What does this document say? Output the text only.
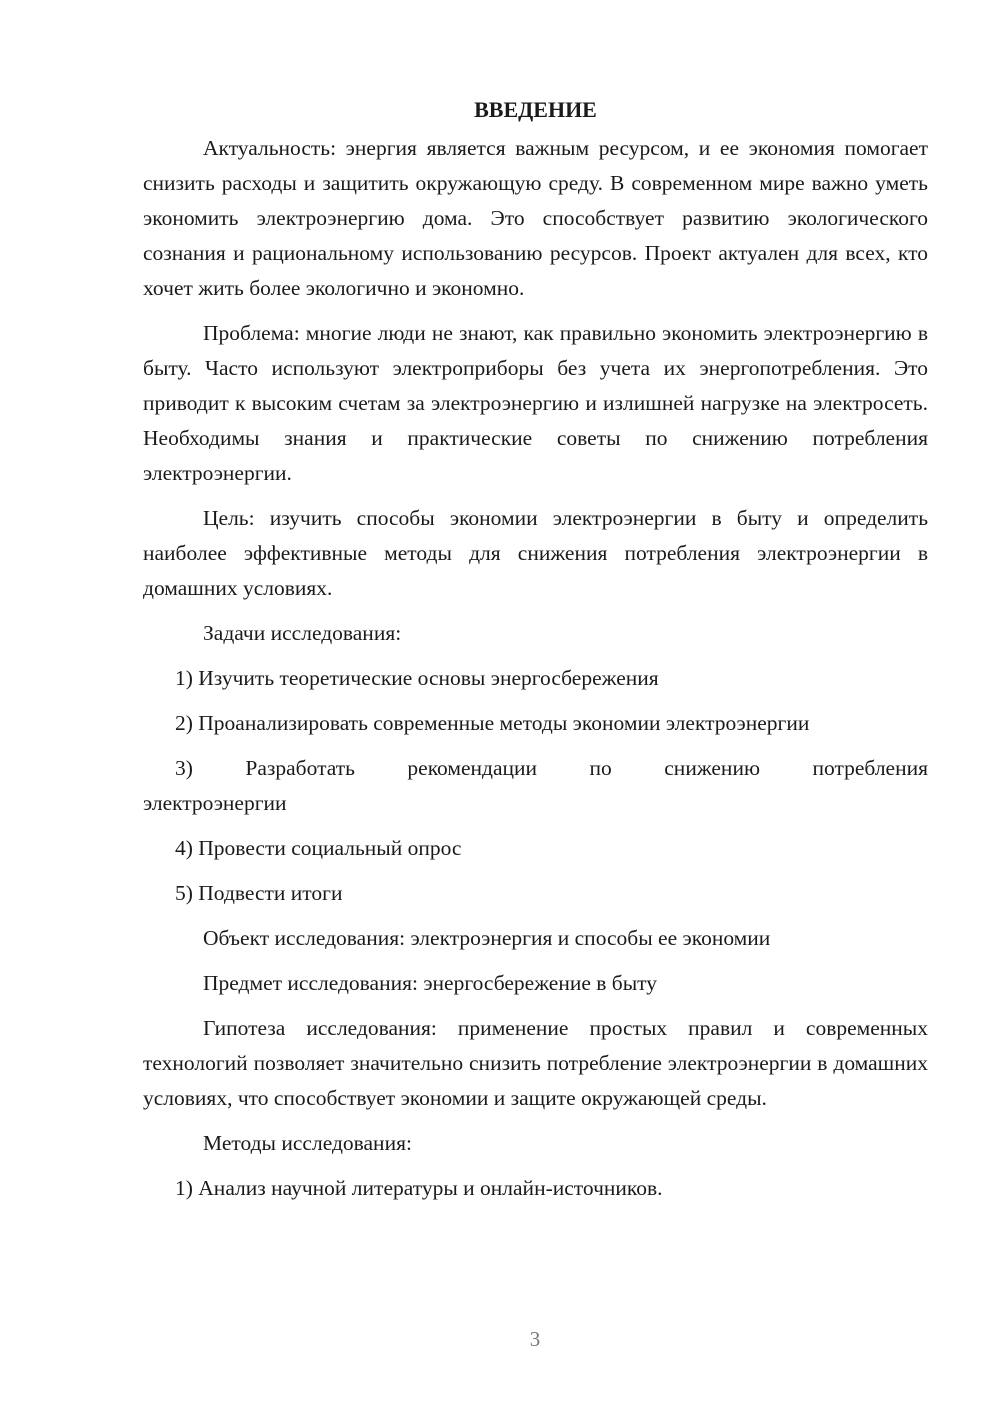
ВВЕДЕНИЕ

Актуальность: энергия является важным ресурсом, и ее экономия помогает снизить расходы и защитить окружающую среду. В современном мире важно уметь экономить электроэнергию дома. Это способствует развитию экологического сознания и рациональному использованию ресурсов. Проект актуален для всех, кто хочет жить более экологично и экономно.

Проблема: многие люди не знают, как правильно экономить электроэнергию в быту. Часто используют электроприборы без учета их энергопотребления. Это приводит к высоким счетам за электроэнергию и излишней нагрузке на электросеть. Необходимы знания и практические советы по снижению потребления электроэнергии.

Цель: изучить способы экономии электроэнергии в быту и определить наиболее эффективные методы для снижения потребления электроэнергии в домашних условиях.

Задачи исследования:
1) Изучить теоретические основы энергосбережения
2) Проанализировать современные методы экономии электроэнергии
3) Разработать рекомендации по снижению потребления электроэнергии
4) Провести социальный опрос
5) Подвести итоги
Объект исследования: электроэнергия и способы ее экономии
Предмет исследования: энергосбережение в быту

Гипотеза исследования: применение простых правил и современных технологий позволяет значительно снизить потребление электроэнергии в домашних условиях, что способствует экономии и защите окружающей среды.

Методы исследования:
1) Анализ научной литературы и онлайн-источников.
3
